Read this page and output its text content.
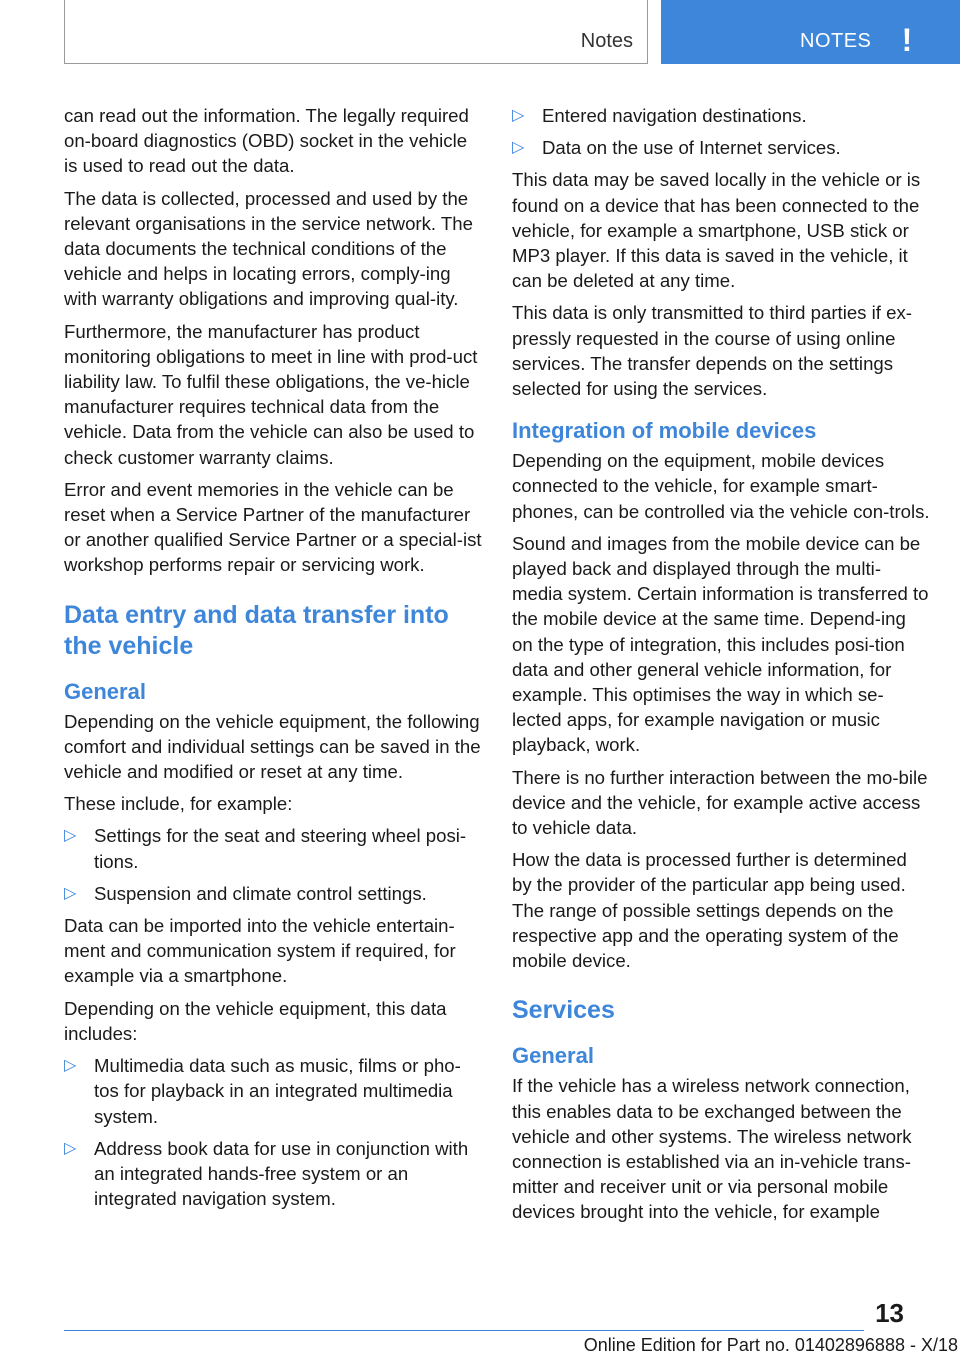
Notes	NOTES !

can read out the information. The legally required on-board diagnostics (OBD) socket in the vehicle is used to read out the data.

The data is collected, processed and used by the relevant organisations in the service network. The data documents the technical conditions of the vehicle and helps in locating errors, comply-ing with warranty obligations and improving qual-ity.

Furthermore, the manufacturer has product monitoring obligations to meet in line with prod-uct liability law. To fulfil these obligations, the ve-hicle manufacturer requires technical data from the vehicle. Data from the vehicle can also be used to check customer warranty claims.

Error and event memories in the vehicle can be reset when a Service Partner of the manufacturer or another qualified Service Partner or a special-ist workshop performs repair or servicing work.

Data entry and data transfer into the vehicle
General

Depending on the vehicle equipment, the following comfort and individual settings can be saved in the vehicle and modified or reset at any time.

These include, for example:

▷ Settings for the seat and steering wheel posi-tions.
▷ Suspension and climate control settings.

Data can be imported into the vehicle entertain-ment and communication system if required, for example via a smartphone.

Depending on the vehicle equipment, this data includes:

▷ Multimedia data such as music, films or pho-tos for playback in an integrated multimedia system.
▷ Address book data for use in conjunction with an integrated hands-free system or an integrated navigation system.
▷ Entered navigation destinations.
▷ Data on the use of Internet services.

This data may be saved locally in the vehicle or is found on a device that has been connected to the vehicle, for example a smartphone, USB stick or MP3 player. If this data is saved in the vehicle, it can be deleted at any time.

This data is only transmitted to third parties if ex-pressly requested in the course of using online services. The transfer depends on the settings selected for using the services.

Integration of mobile devices

Depending on the equipment, mobile devices connected to the vehicle, for example smart-phones, can be controlled via the vehicle con-trols.

Sound and images from the mobile device can be played back and displayed through the multi-media system. Certain information is transferred to the mobile device at the same time. Depend-ing on the type of integration, this includes posi-tion data and other general vehicle information, for example. This optimises the way in which se-lected apps, for example navigation or music playback, work.

There is no further interaction between the mo-bile device and the vehicle, for example active access to vehicle data.

How the data is processed further is determined by the provider of the particular app being used. The range of possible settings depends on the respective app and the operating system of the mobile device.

Services
General

If the vehicle has a wireless network connection, this enables data to be exchanged between the vehicle and other systems. The wireless network connection is established via an in-vehicle trans-mitter and receiver unit or via personal mobile devices brought into the vehicle, for example

13
Online Edition for Part no. 01402896888 - X/18
